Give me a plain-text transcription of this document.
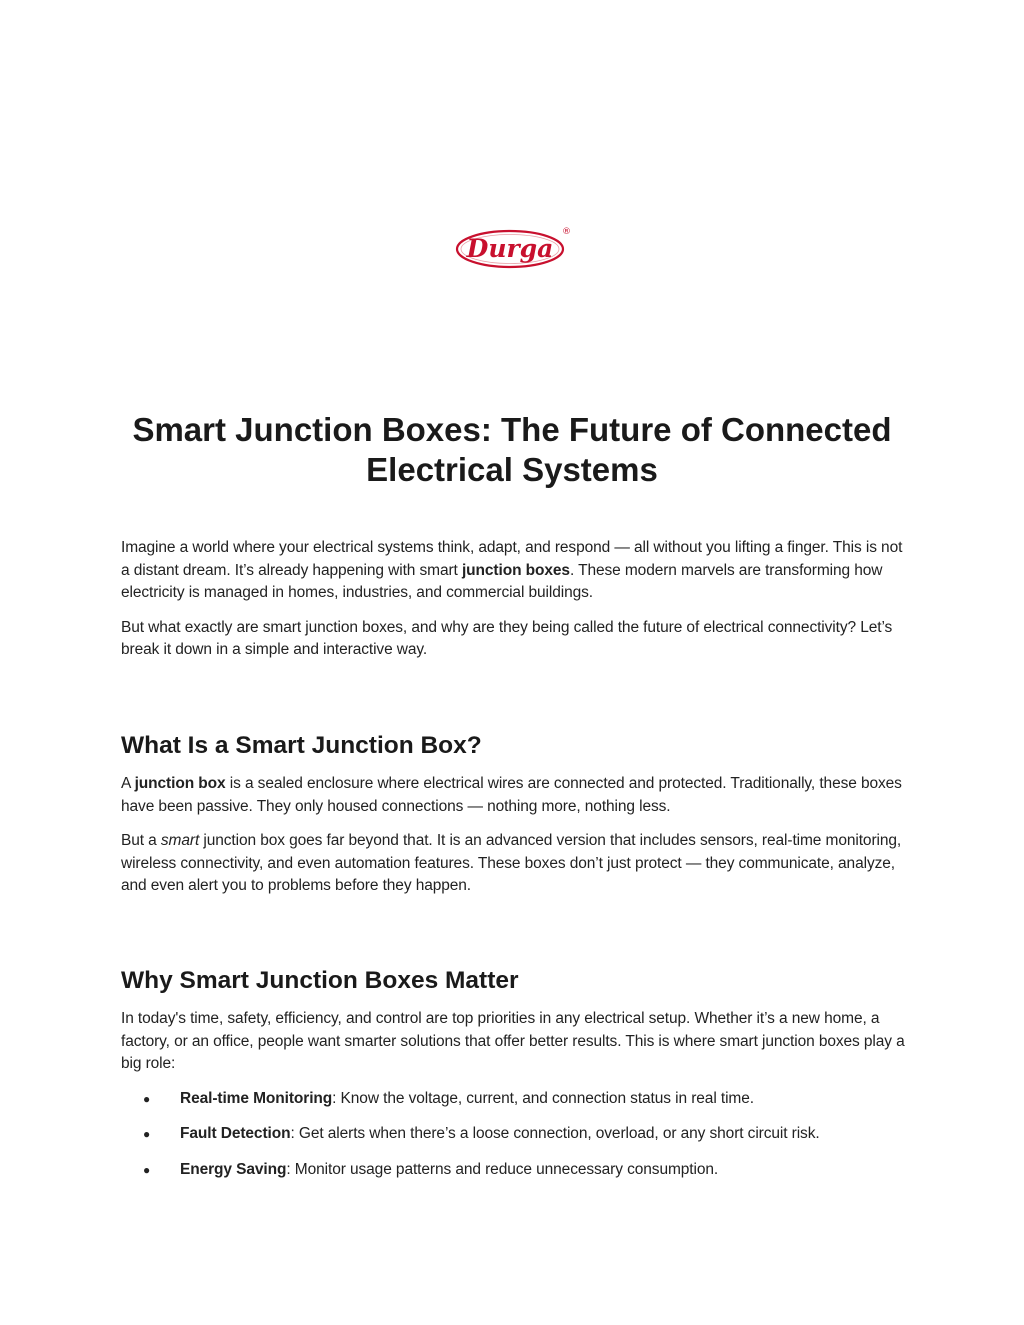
Durga
®
Smart Junction Boxes: The Future of Connected
Electrical Systems

Imagine a world where your electrical systems think, adapt, and respond — all without you lifting a finger. This is not a distant dream. It’s already happening with smart junction boxes. These modern marvels are transforming how electricity is managed in homes, industries, and commercial buildings.

But what exactly are smart junction boxes, and why are they being called the future of electrical connectivity? Let’s break it down in a simple and interactive way.

What Is a Smart Junction Box?

A junction box is a sealed enclosure where electrical wires are connected and protected. Traditionally, these boxes have been passive. They only housed connections — nothing more, nothing less.

But a smart junction box goes far beyond that. It is an advanced version that includes sensors, real-time monitoring, wireless connectivity, and even automation features. These boxes don’t just protect — they communicate, analyze, and even alert you to problems before they happen.

Why Smart Junction Boxes Matter

In today's time, safety, efficiency, and control are top priorities in any electrical setup. Whether it’s a new home, a factory, or an office, people want smarter solutions that offer better results. This is where smart junction boxes play a big role:

● Real-time Monitoring: Know the voltage, current, and connection status in real time.
● Fault Detection: Get alerts when there’s a loose connection, overload, or any short circuit risk.
● Energy Saving: Monitor usage patterns and reduce unnecessary consumption.
